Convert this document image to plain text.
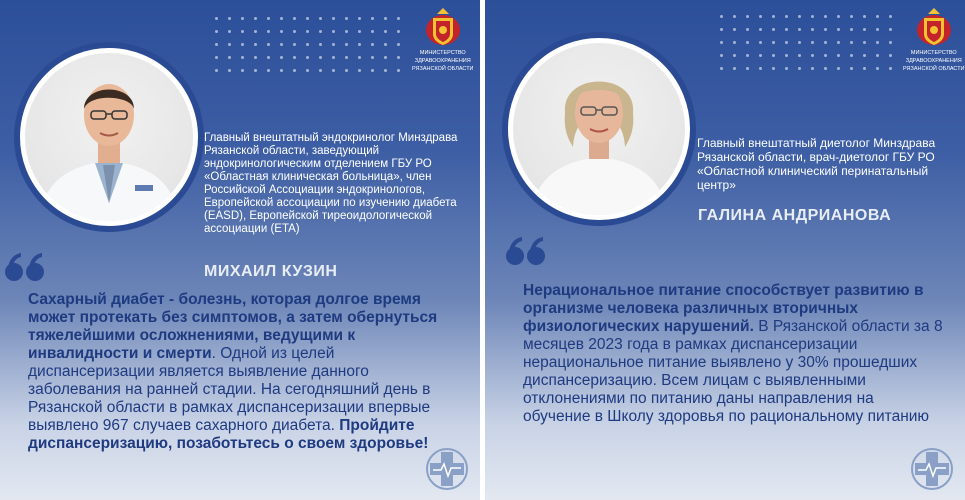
МИНИСТЕРСТВО
ЗДРАВООХРАНЕНИЯ
РЯЗАНСКОЙ ОБЛАСТИ
Главный внештатный эндокринолог Минздрава Рязанской области, заведующий эндокринологическим отделением ГБУ РО «Областная клиническая больница», член Российской Ассоциации эндокринологов, Европейской ассоциации по изучению диабета (EASD), Европейской тиреоидологической ассоциации (ETA)
МИХАИЛ КУЗИН
Сахарный диабет - болезнь, которая долгое время может протекать без симптомов, а затем обернуться тяжелейшими осложнениями, ведущими к инвалидности и смерти. Одной из целей диспансеризации является выявление данного заболевания на ранней стадии. На сегодняшний день в Рязанской области в рамках диспансеризации впервые выявлено 967 случаев сахарного диабета. Пройдите диспансеризацию, позаботьтесь о своем здоровье!
МИНИСТЕРСТВО
ЗДРАВООХРАНЕНИЯ
РЯЗАНСКОЙ ОБЛАСТИ
Главный внештатный диетолог Минздрава Рязанской области, врач-диетолог ГБУ РО «Областной клинический перинатальный центр»
ГАЛИНА АНДРИАНОВА
Нерациональное питание способствует развитию в организме человека различных вторичных физиологических нарушений. В Рязанской области за 8 месяцев 2023 года в рамках диспансеризации нерациональное питание выявлено у 30% прошедших диспансеризацию. Всем лицам с выявленными отклонениями по питанию даны направления на обучение в Школу здоровья по рациональному питанию
